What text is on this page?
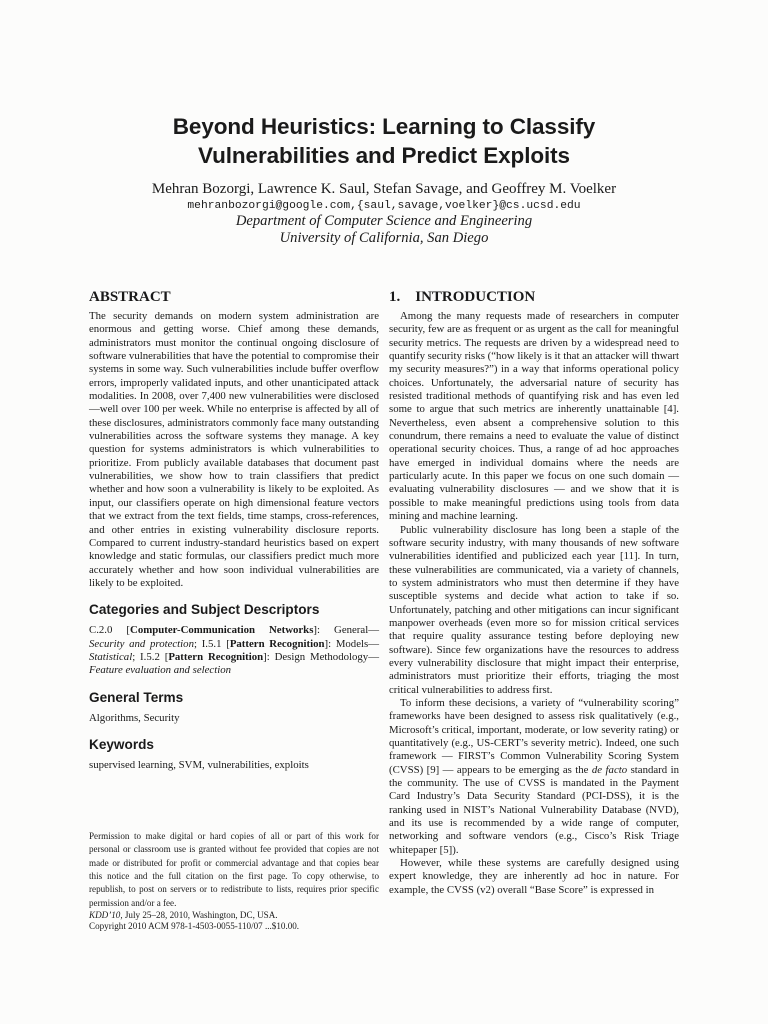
Beyond Heuristics: Learning to Classify
Vulnerabilities and Predict Exploits
Mehran Bozorgi, Lawrence K. Saul, Stefan Savage, and Geoffrey M. Voelker
mehranbozorgi@google.com,{saul,savage,voelker}@cs.ucsd.edu
Department of Computer Science and Engineering
University of California, San Diego
ABSTRACT

The security demands on modern system administration are enormous and getting worse. Chief among these demands, administrators must monitor the continual ongoing disclosure of software vulnerabilities that have the potential to compromise their systems in some way. Such vulnerabilities include buffer overflow errors, improperly validated inputs, and other unanticipated attack modalities. In 2008, over 7,400 new vulnerabilities were disclosed—well over 100 per week. While no enterprise is affected by all of these disclosures, administrators commonly face many outstanding vulnerabilities across the software systems they manage. A key question for systems administrators is which vulnerabilities to prioritize. From publicly available databases that document past vulnerabilities, we show how to train classifiers that predict whether and how soon a vulnerability is likely to be exploited. As input, our classifiers operate on high dimensional feature vectors that we extract from the text fields, time stamps, cross-references, and other entries in existing vulnerability disclosure reports. Compared to current industry-standard heuristics based on expert knowledge and static formulas, our classifiers predict much more accurately whether and how soon individual vulnerabilities are likely to be exploited.

Categories and Subject Descriptors

C.2.0 [Computer-Communication Networks]: General—Security and protection; I.5.1 [Pattern Recognition]: Models—Statistical; I.5.2 [Pattern Recognition]: Design Methodology—Feature evaluation and selection

General Terms

Algorithms, Security

Keywords

supervised learning, SVM, vulnerabilities, exploits

Permission to make digital or hard copies of all or part of this work for personal or classroom use is granted without fee provided that copies are not made or distributed for profit or commercial advantage and that copies bear this notice and the full citation on the first page. To copy otherwise, to republish, to post on servers or to redistribute to lists, requires prior specific permission and/or a fee.

KDD’10, July 25–28, 2010, Washington, DC, USA.
Copyright 2010 ACM 978-1-4503-0055-110/07 ...$10.00.
1.    INTRODUCTION

Among the many requests made of researchers in computer security, few are as frequent or as urgent as the call for meaningful security metrics. The requests are driven by a widespread need to quantify security risks (“how likely is it that an attacker will thwart my security measures?”) in a way that informs operational policy choices. Unfortunately, the adversarial nature of security has resisted traditional methods of quantifying risk and has even led some to argue that such metrics are inherently unattainable [4]. Nevertheless, even absent a comprehensive solution to this conundrum, there remains a need to evaluate the value of distinct operational security choices. Thus, a range of ad hoc approaches have emerged in individual domains where the needs are particularly acute. In this paper we focus on one such domain — evaluating vulnerability disclosures — and we show that it is possible to make meaningful predictions using tools from data mining and machine learning.

Public vulnerability disclosure has long been a staple of the software security industry, with many thousands of new software vulnerabilities identified and publicized each year [11]. In turn, these vulnerabilities are communicated, via a variety of channels, to system administrators who must then determine if they have susceptible systems and decide what action to take if so. Unfortunately, patching and other mitigations can incur significant manpower overheads (even more so for mission critical services that require quality assurance testing before deploying new software). Since few organizations have the resources to address every vulnerability disclosure that might impact their enterprise, administrators must prioritize their efforts, triaging the most critical vulnerabilities to address first.

To inform these decisions, a variety of “vulnerability scoring” frameworks have been designed to assess risk qualitatively (e.g., Microsoft’s critical, important, moderate, or low severity rating) or quantitatively (e.g., US-CERT’s severity metric). Indeed, one such framework — FIRST’s Common Vulnerability Scoring System (CVSS) [9] — appears to be emerging as the de facto standard in the community. The use of CVSS is mandated in the Payment Card Industry’s Data Security Standard (PCI-DSS), it is the ranking used in NIST’s National Vulnerability Database (NVD), and its use is recommended by a wide range of computer, networking and software vendors (e.g., Cisco’s Risk Triage whitepaper [5]).

However, while these systems are carefully designed using expert knowledge, they are inherently ad hoc in nature. For example, the CVSS (v2) overall “Base Score” is expressed in
